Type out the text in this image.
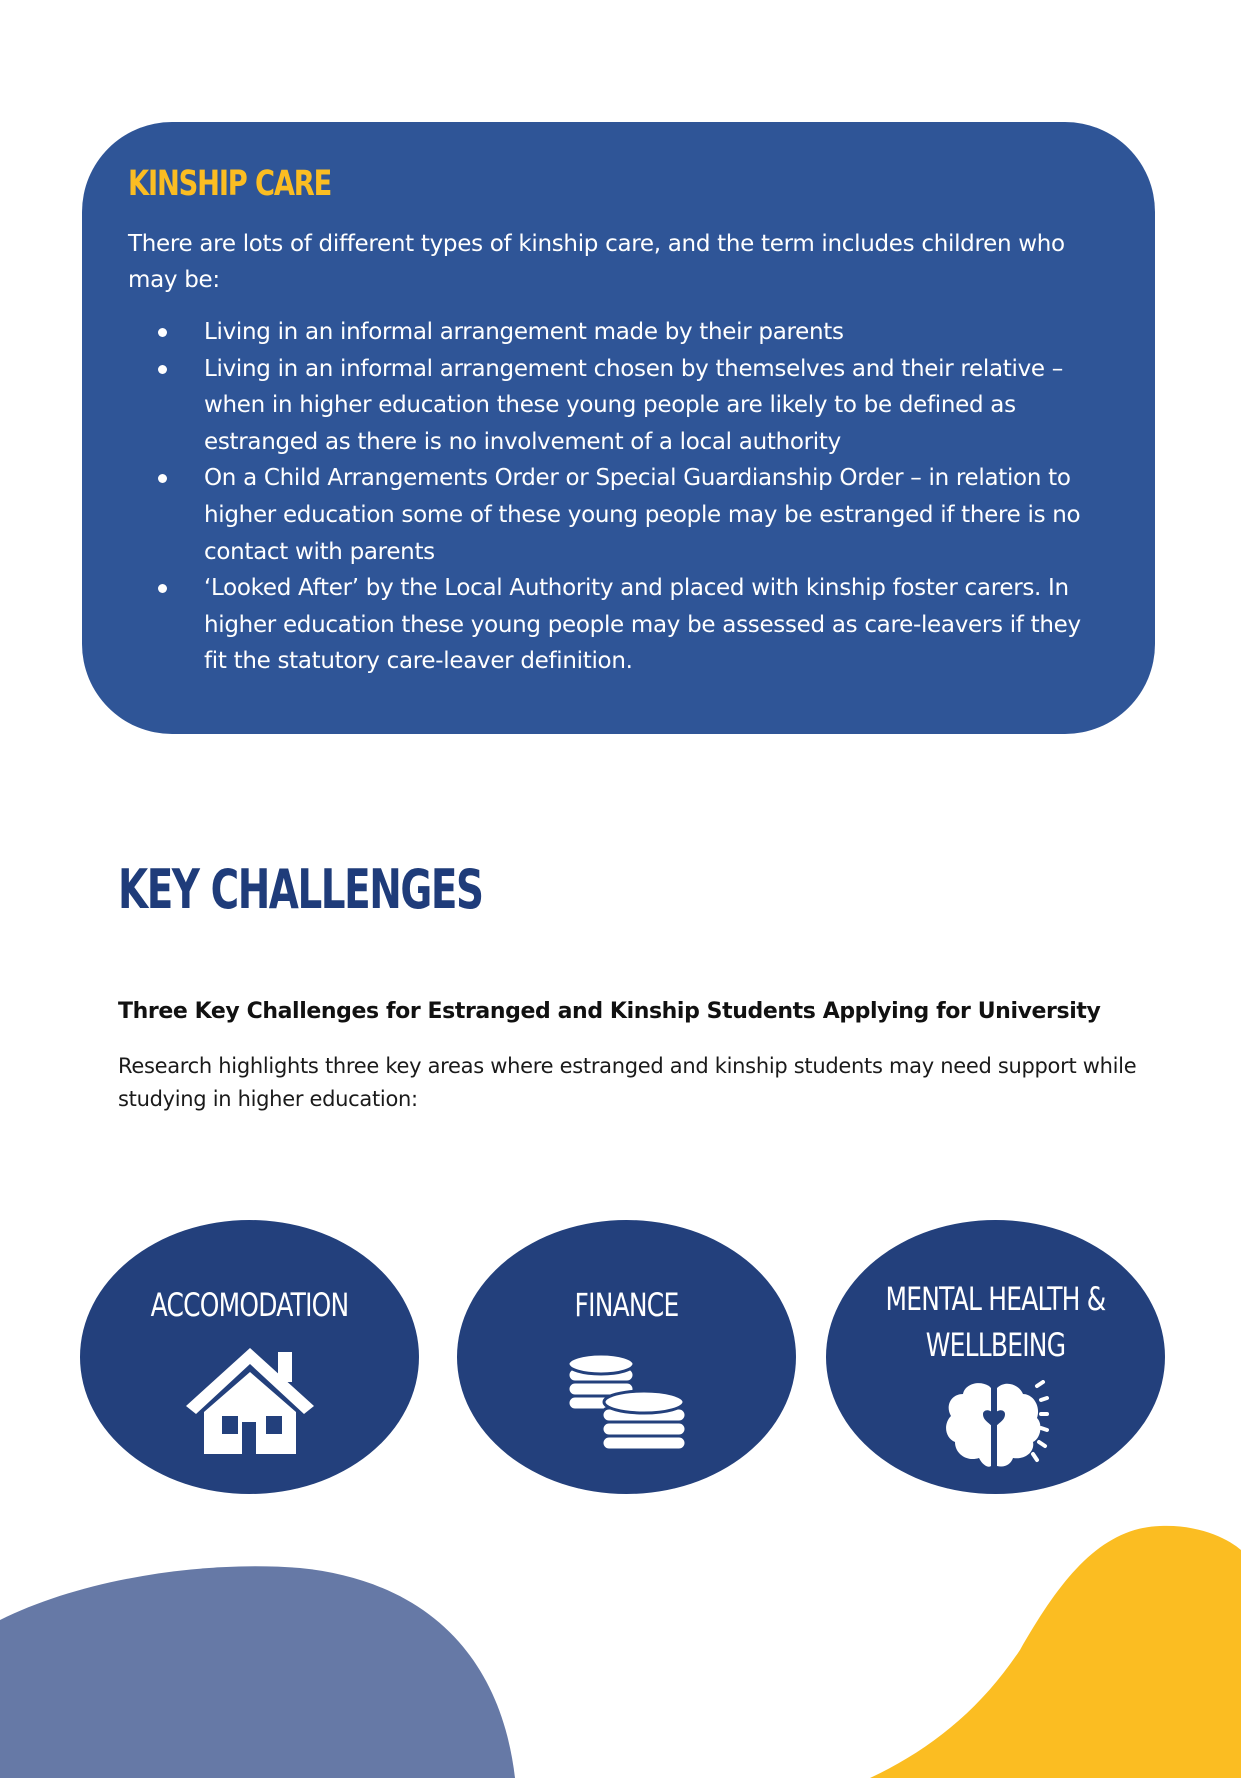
KINSHIP CARE

There are lots of different types of kinship care, and the term includes children who may be:

Living in an informal arrangement made by their parents
Living in an informal arrangement chosen by themselves and their relative – when in higher education these young people are likely to be defined as estranged as there is no involvement of a local authority
On a Child Arrangements Order or Special Guardianship Order – in relation to higher education some of these young people may be estranged if there is no contact with parents
‘Looked After’ by the Local Authority and placed with kinship foster carers. In higher education these young people may be assessed as care-leavers if they fit the statutory care-leaver definition.
KEY CHALLENGES
Three Key Challenges for Estranged and Kinship Students Applying for University

Research highlights three key areas where estranged and kinship students may need support while studying in higher education:

ACCOMODATION	FINANCE	MENTAL HEALTH &
WELLBEING
